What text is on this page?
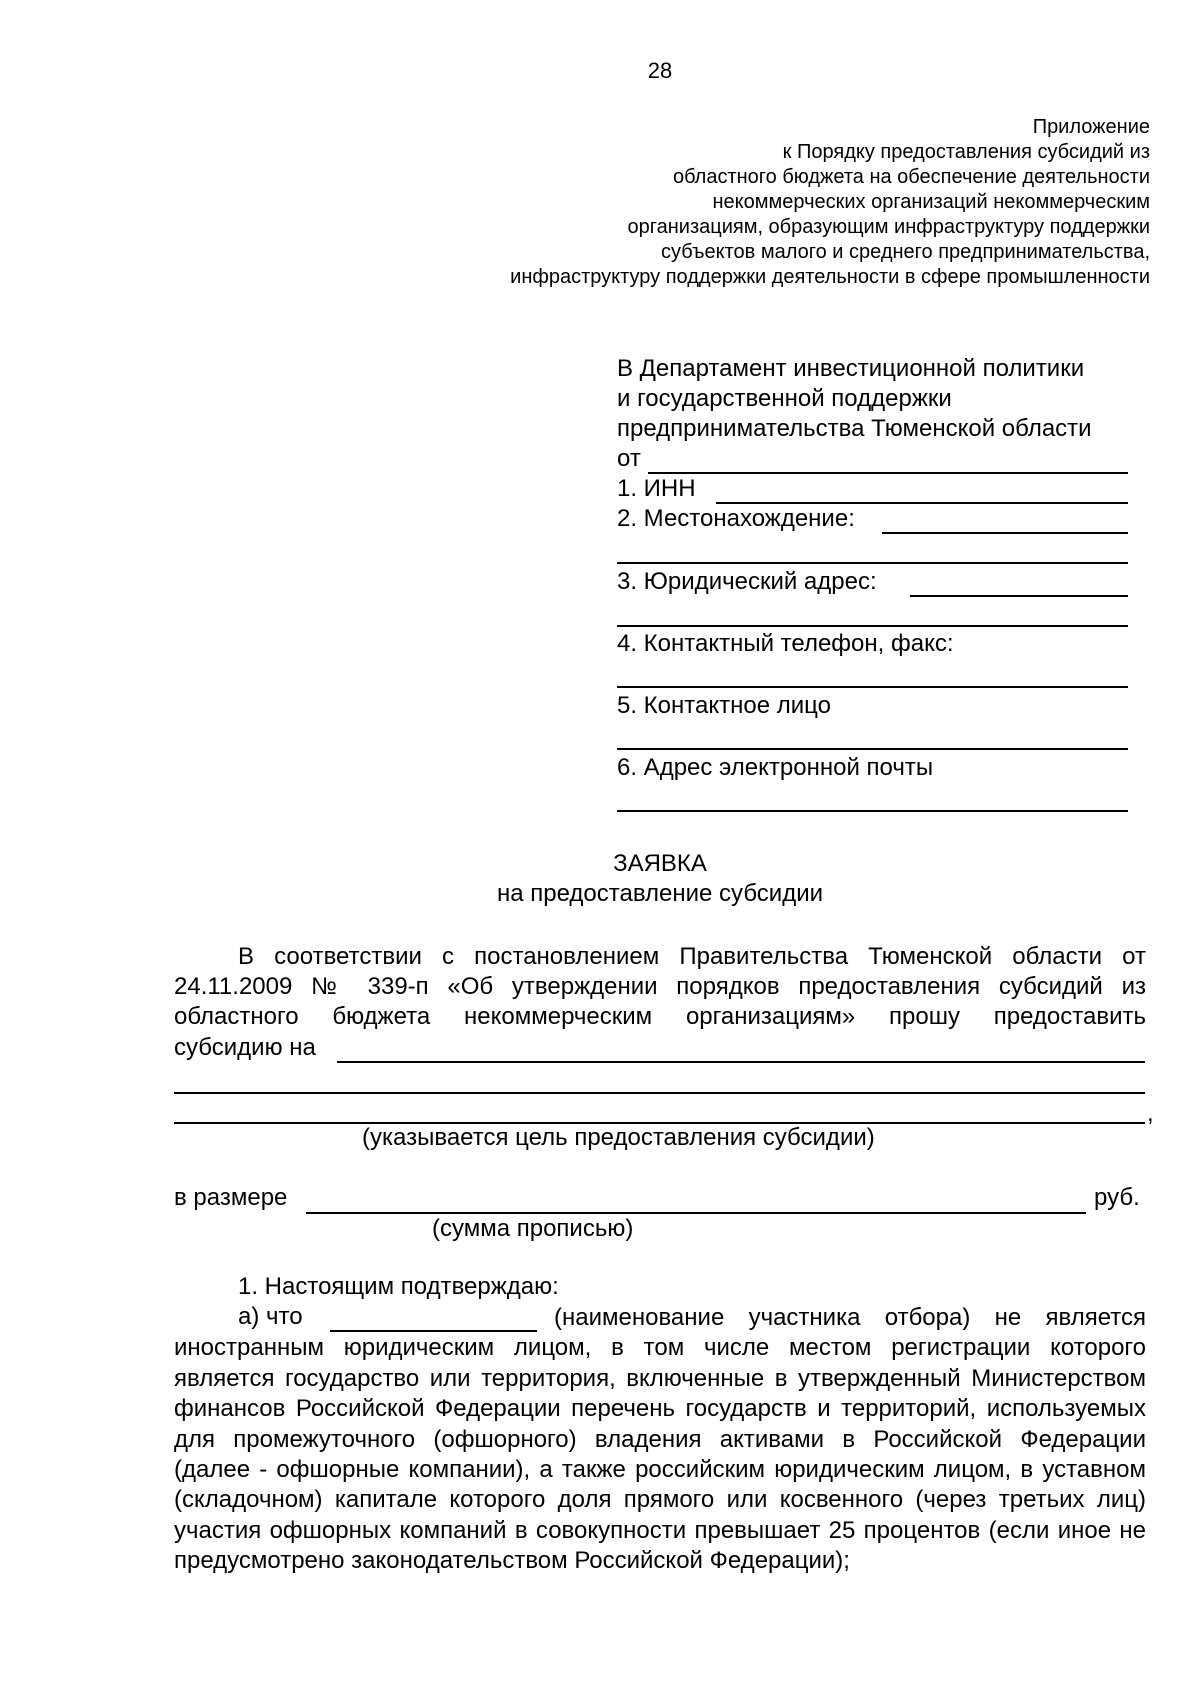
28
Приложение
к Порядку предоставления субсидий из
областного бюджета на обеспечение деятельности
некоммерческих организаций некоммерческим
организациям, образующим инфраструктуру поддержки
субъектов малого и среднего предпринимательства,
инфраструктуру поддержки деятельности в сфере промышленности
В Департамент инвестиционной политики
и государственной поддержки
предпринимательства Тюменской области
от
1. ИНН
2. Местонахождение:
3. Юридический адрес:
4. Контактный телефон, факс:
5. Контактное лицо
6. Адрес электронной почты
ЗАЯВКА
на предоставление субсидии
В соответствии с постановлением Правительства Тюменской области от 24.11.2009 № 339-п «Об утверждении порядков предоставления субсидий из областного бюджета некоммерческим организациям» прошу предоставить
субсидию на
,
(указывается цель предоставления субсидии)
в размере	руб.
(сумма прописью)
1. Настоящим подтверждаю:
а) что	(наименование участника отбора) не является иностранным юридическим лицом, в том числе местом регистрации которого является государство или территория, включенные в утвержденный Министерством финансов Российской Федерации перечень государств и территорий, используемых для промежуточного (офшорного) владения активами в Российской Федерации (далее - офшорные компании), а также российским юридическим лицом, в уставном (складочном) капитале которого доля прямого или косвенного (через третьих лиц) участия офшорных компаний в совокупности превышает 25 процентов (если иное не предусмотрено законодательством Российской Федерации);
